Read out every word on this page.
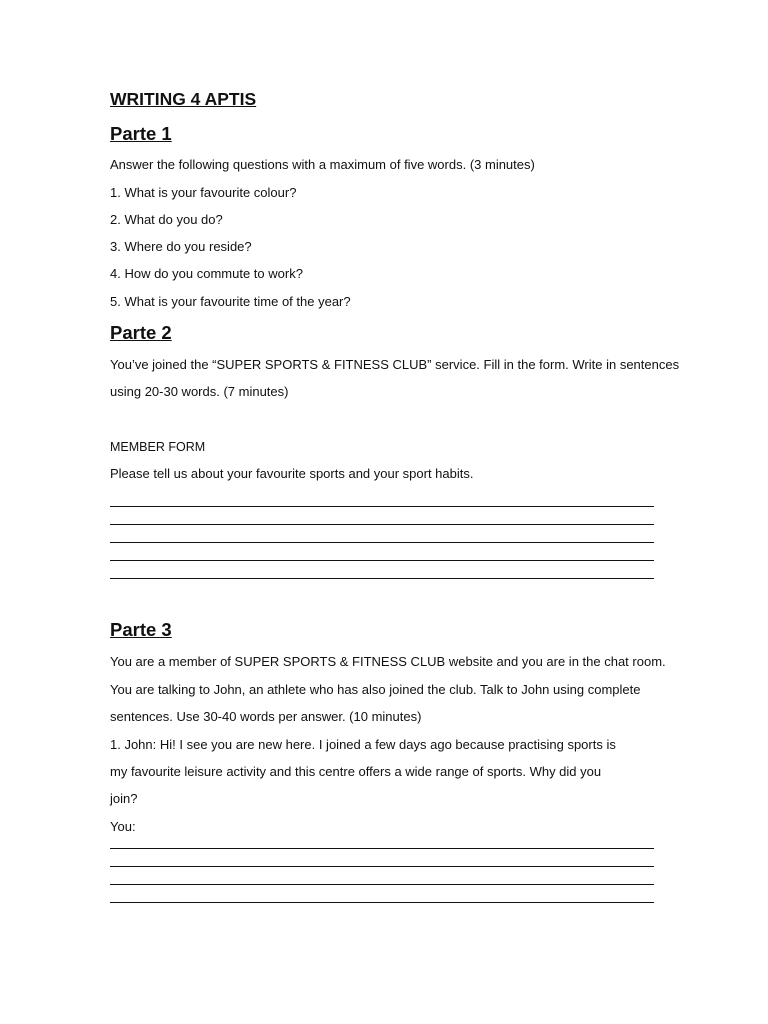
WRITING 4 APTIS
Parte 1
Answer the following questions with a maximum of five words. (3 minutes)
1. What is your favourite colour?
2. What do you do?
3. Where do you reside?
4. How do you commute to work?
5. What is your favourite time of the year?
Parte 2
You’ve joined the “SUPER SPORTS & FITNESS CLUB” service. Fill in the form. Write in sentences
using 20-30 words. (7 minutes)
MEMBER FORM
Please tell us about your favourite sports and your sport habits.
Parte 3
You are a member of SUPER SPORTS & FITNESS CLUB website and you are in the chat room.
You are talking to John, an athlete who has also joined the club. Talk to John using complete
sentences. Use 30-40 words per answer. (10 minutes)
1. John: Hi! I see you are new here. I joined a few days ago because practising sports is
my favourite leisure activity and this centre offers a wide range of sports. Why did you
join?
You:
